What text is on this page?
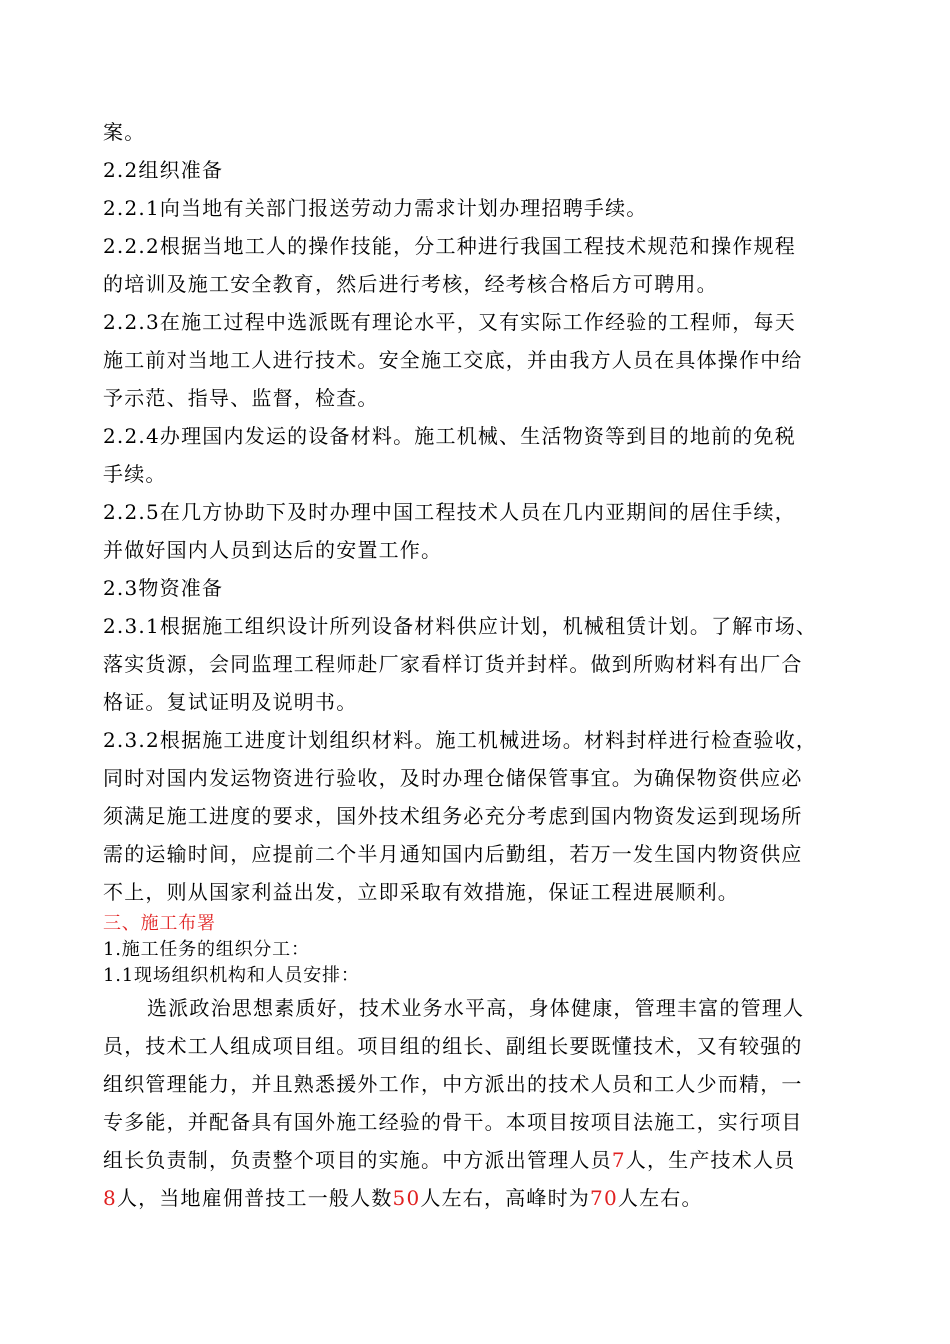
案。
2.2组织准备
2.2.1向当地有关部门报送劳动力需求计划办理招聘手续。
2.2.2根据当地工人的操作技能，分工种进行我国工程技术规范和操作规程
的培训及施工安全教育，然后进行考核，经考核合格后方可聘用。
2.2.3在施工过程中选派既有理论水平，又有实际工作经验的工程师，每天
施工前对当地工人进行技术。安全施工交底，并由我方人员在具体操作中给
予示范、指导、监督，检查。
2.2.4办理国内发运的设备材料。施工机械、生活物资等到目的地前的免税
手续。
2.2.5在几方协助下及时办理中国工程技术人员在几内亚期间的居住手续，
并做好国内人员到达后的安置工作。
2.3物资准备
2.3.1根据施工组织设计所列设备材料供应计划，机械租赁计划。了解市场、
落实货源，会同监理工程师赴厂家看样订货并封样。做到所购材料有出厂合
格证。复试证明及说明书。
2.3.2根据施工进度计划组织材料。施工机械进场。材料封样进行检查验收，
同时对国内发运物资进行验收，及时办理仓储保管事宜。为确保物资供应必
须满足施工进度的要求，国外技术组务必充分考虑到国内物资发运到现场所
需的运输时间，应提前二个半月通知国内后勤组，若万一发生国内物资供应
不上，则从国家利益出发，立即采取有效措施，保证工程进展顺利。
三、施工布署
1.施工任务的组织分工：
1.1现场组织机构和人员安排：
选派政治思想素质好，技术业务水平高，身体健康，管理丰富的管理人
员，技术工人组成项目组。项目组的组长、副组长要既懂技术，又有较强的
组织管理能力，并且熟悉援外工作，中方派出的技术人员和工人少而精，一
专多能，并配备具有国外施工经验的骨干。本项目按项目法施工，实行项目
组长负责制，负责整个项目的实施。中方派出管理人员7人，生产技术人员
8人，当地雇佣普技工一般人数50人左右，高峰时为70人左右。
